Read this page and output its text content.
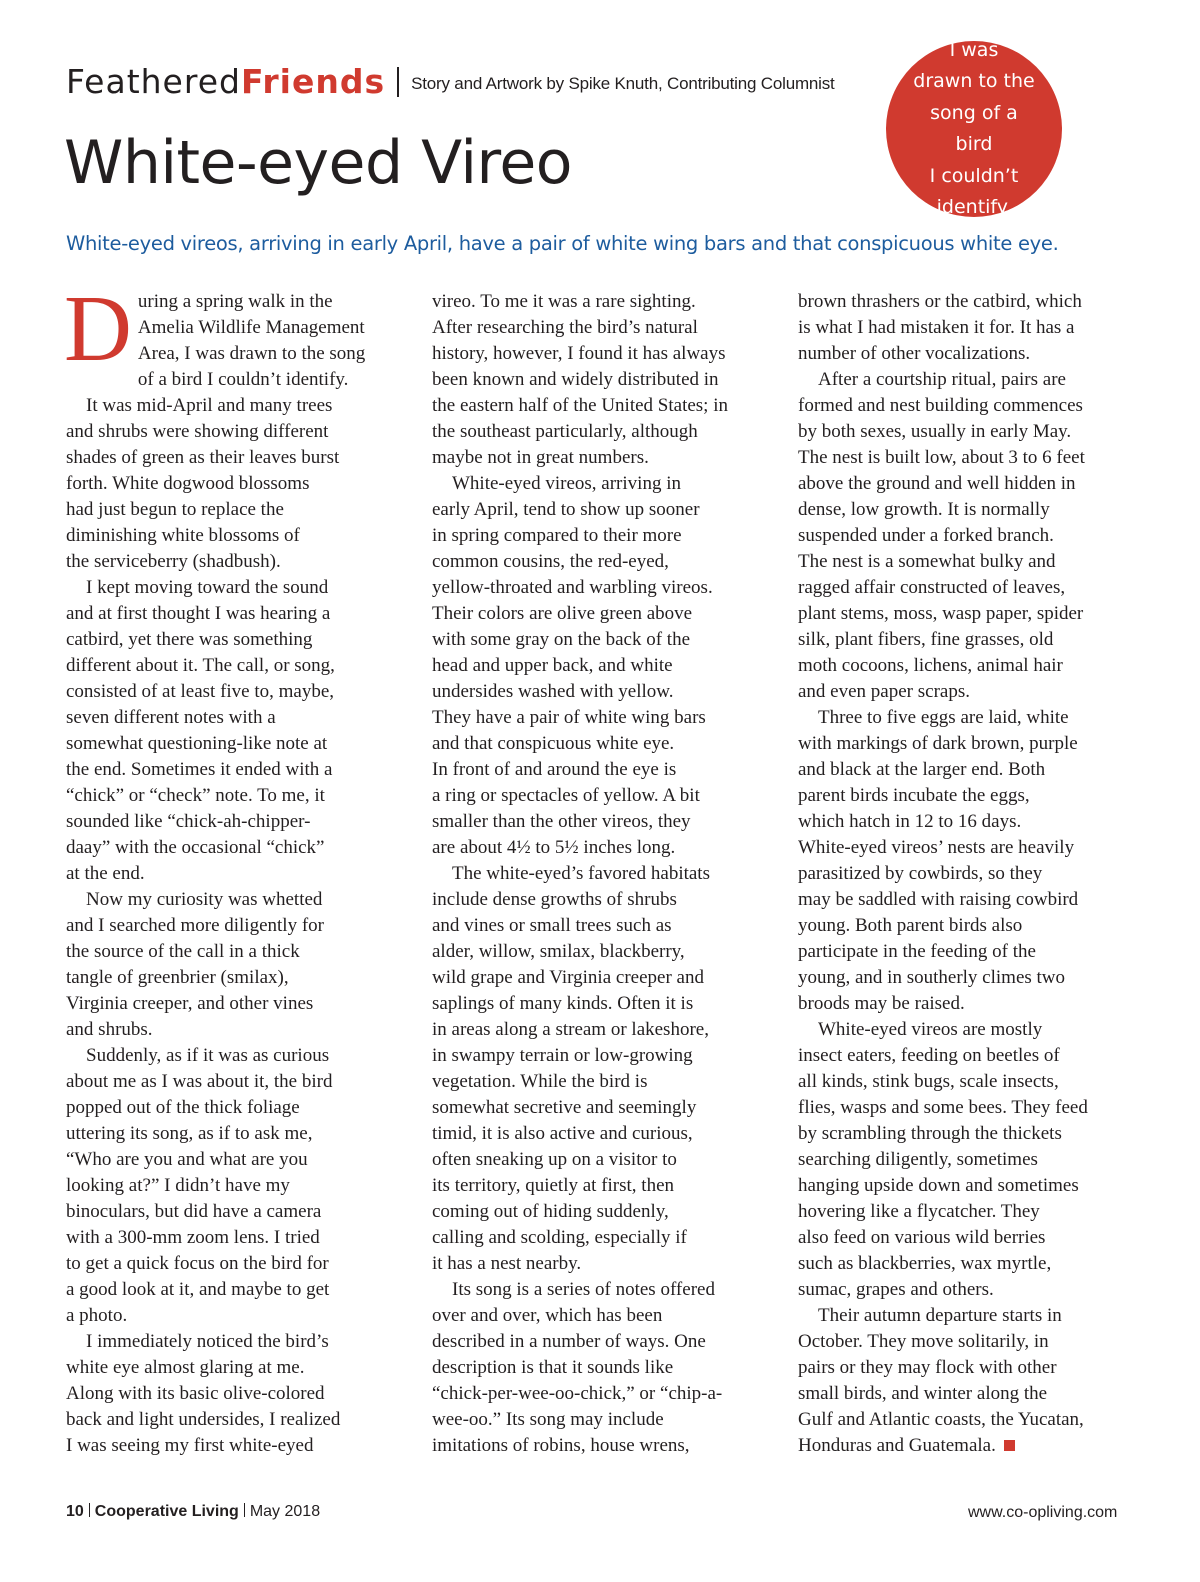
FeatheredFriends Story and Artwork by Spike Knuth, Contributing Columnist
White-eyed Vireo
I was
drawn to the
song of a bird
I couldn’t
identify.
White-eyed vireos, arriving in early April, have a pair of white wing bars and that conspicuous white eye.
D uring a spring walk in the
Amelia Wildlife Management
Area, I was drawn to the song
of a bird I couldn’t identify.
It was mid-April and many trees
and shrubs were showing different
shades of green as their leaves burst
forth. White dogwood blossoms
had just begun to replace the
diminishing white blossoms of
the serviceberry (shadbush).
I kept moving toward the sound
and at first thought I was hearing a
catbird, yet there was something
different about it. The call, or song,
consisted of at least five to, maybe,
seven different notes with a
somewhat questioning-like note at
the end. Sometimes it ended with a
“chick” or “check” note. To me, it
sounded like “chick-ah-chipper-
daay” with the occasional “chick”
at the end.
Now my curiosity was whetted
and I searched more diligently for
the source of the call in a thick
tangle of greenbrier (smilax),
Virginia creeper, and other vines
and shrubs.
Suddenly, as if it was as curious
about me as I was about it, the bird
popped out of the thick foliage
uttering its song, as if to ask me,
“Who are you and what are you
looking at?” I didn’t have my
binoculars, but did have a camera
with a 300-mm zoom lens. I tried
to get a quick focus on the bird for
a good look at it, and maybe to get
a photo.
I immediately noticed the bird’s
white eye almost glaring at me.
Along with its basic olive-colored
back and light undersides, I realized
I was seeing my first white-eyed
vireo. To me it was a rare sighting.
After researching the bird’s natural
history, however, I found it has always
been known and widely distributed in
the eastern half of the United States; in
the southeast particularly, although
maybe not in great numbers.
White-eyed vireos, arriving in
early April, tend to show up sooner
in spring compared to their more
common cousins, the red-eyed,
yellow-throated and warbling vireos.
Their colors are olive green above
with some gray on the back of the
head and upper back, and white
undersides washed with yellow.
They have a pair of white wing bars
and that conspicuous white eye.
In front of and around the eye is
a ring or spectacles of yellow. A bit
smaller than the other vireos, they
are about 4½ to 5½ inches long.
The white-eyed’s favored habitats
include dense growths of shrubs
and vines or small trees such as
alder, willow, smilax, blackberry,
wild grape and Virginia creeper and
saplings of many kinds. Often it is
in areas along a stream or lakeshore,
in swampy terrain or low-growing
vegetation. While the bird is
somewhat secretive and seemingly
timid, it is also active and curious,
often sneaking up on a visitor to
its territory, quietly at first, then
coming out of hiding suddenly,
calling and scolding, especially if
it has a nest nearby.
Its song is a series of notes offered
over and over, which has been
described in a number of ways. One
description is that it sounds like
“chick-per-wee-oo-chick,” or “chip-a-
wee-oo.” Its song may include
imitations of robins, house wrens,
brown thrashers or the catbird, which
is what I had mistaken it for. It has a
number of other vocalizations.
After a courtship ritual, pairs are
formed and nest building commences
by both sexes, usually in early May.
The nest is built low, about 3 to 6 feet
above the ground and well hidden in
dense, low growth. It is normally
suspended under a forked branch.
The nest is a somewhat bulky and
ragged affair constructed of leaves,
plant stems, moss, wasp paper, spider
silk, plant fibers, fine grasses, old
moth cocoons, lichens, animal hair
and even paper scraps.
Three to five eggs are laid, white
with markings of dark brown, purple
and black at the larger end. Both
parent birds incubate the eggs,
which hatch in 12 to 16 days.
White-eyed vireos’ nests are heavily
parasitized by cowbirds, so they
may be saddled with raising cowbird
young. Both parent birds also
participate in the feeding of the
young, and in southerly climes two
broods may be raised.
White-eyed vireos are mostly
insect eaters, feeding on beetles of
all kinds, stink bugs, scale insects,
flies, wasps and some bees. They feed
by scrambling through the thickets
searching diligently, sometimes
hanging upside down and sometimes
hovering like a flycatcher. They
also feed on various wild berries
such as blackberries, wax myrtle,
sumac, grapes and others.
Their autumn departure starts in
October. They move solitarily, in
pairs or they may flock with other
small birds, and winter along the
Gulf and Atlantic coasts, the Yucatan,
Honduras and Guatemala.
10 Cooperative Living May 2018	www.co-opliving.com
